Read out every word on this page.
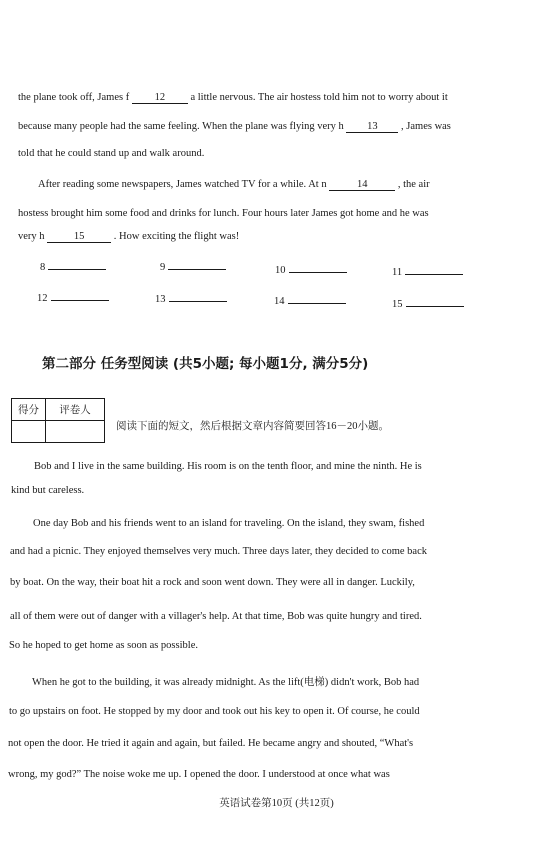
the plane took off, James f 12 a little nervous. The air hostess told him not to worry about it
because many people had the same feeling. When the plane was flying very h 13 , James was
told that he could stand up and walk around.
After reading some newspapers, James watched TV for a while. At n	14	, the air
hostess brought him some food and drinks for lunch. Four hours later James got home and he was
very h	15	. How exciting the flight was!
8	9	10	11
12	13	14	15
第二部分 任务型阅读 (共5小题; 每小题1分, 满分5分)
得分	评卷人

阅读下面的短文，然后根据文章内容简要回答16－20小题。
Bob and I live in the same building. His room is on the tenth floor, and mine the ninth. He is
kind but careless.
One day Bob and his friends went to an island for traveling. On the island, they swam, fished
and had a picnic. They enjoyed themselves very much. Three days later, they decided to come back
by boat. On the way, their boat hit a rock and soon went down. They were all in danger. Luckily,
all of them were out of danger with a villager's help. At that time, Bob was quite hungry and tired.
So he hoped to get home as soon as possible.
When he got to the building, it was already midnight. As the lift(电梯) didn't work, Bob had
to go upstairs on foot. He stopped by my door and took out his key to open it. Of course, he could
not open the door. He tried it again and again, but failed. He became angry and shouted, “What's
wrong, my god?” The noise woke me up. I opened the door. I understood at once what was
英语试卷第10页 (共12页)
